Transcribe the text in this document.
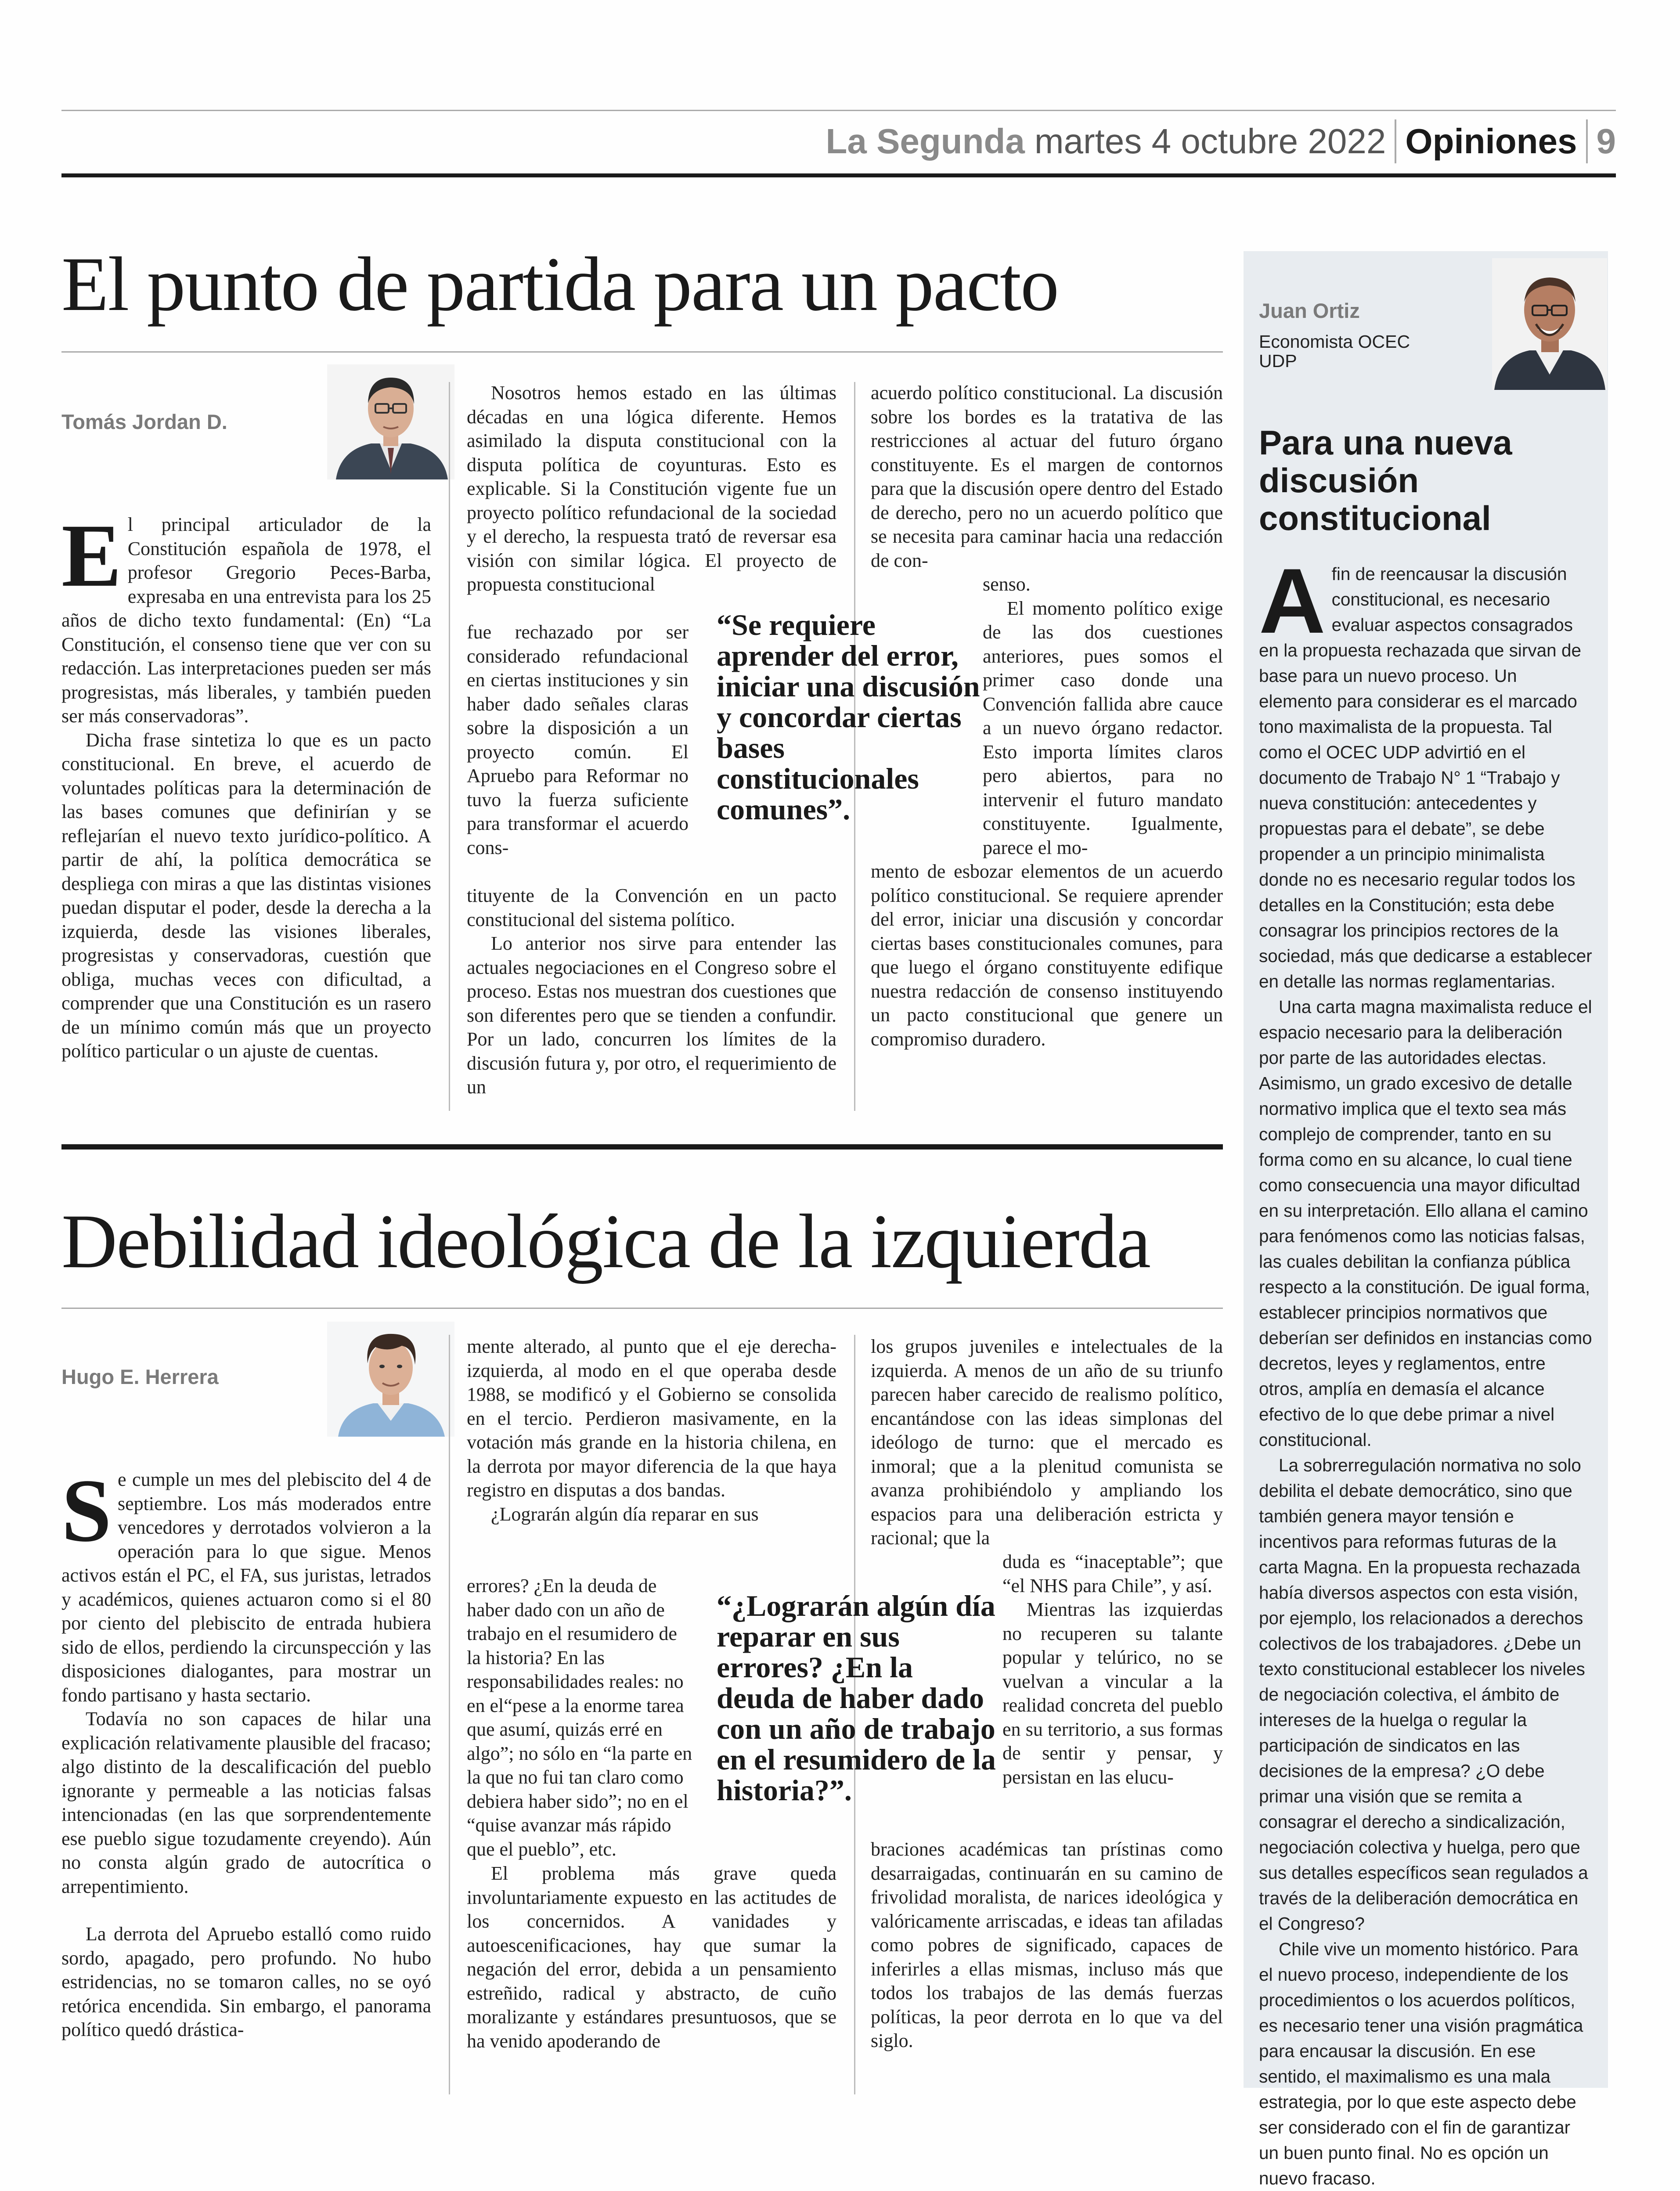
La Segunda martes 4 octubre 2022 Opiniones 9
El punto de partida para un pacto
Tomás Jordan D.

El principal articulador de la Constitución española de 1978, el profesor Gregorio Peces-Barba, expresaba en una entrevista para los 25 años de dicho texto fundamental: (En) “La Constitución, el consenso tiene que ver con su redacción. Las interpretaciones pueden ser más progresistas, más liberales, y también pueden ser más conservadoras”.

Dicha frase sintetiza lo que es un pacto constitucional. En breve, el acuerdo de voluntades políticas para la determinación de las bases comunes que definirían y se reflejarían el nuevo texto jurídico-político. A partir de ahí, la política democrática se despliega con miras a que las distintas visiones puedan disputar el poder, desde la derecha a la izquierda, desde las visiones liberales, progresistas y conservadoras, cuestión que obliga, muchas veces con dificultad, a comprender que una Constitución es un rasero de un mínimo común más que un proyecto político particular o un ajuste de cuentas.

Nosotros hemos estado en las últimas décadas en una lógica diferente. Hemos asimilado la disputa constitucional con la disputa política de coyunturas. Esto es explicable. Si la Constitución vigente fue un proyecto político refundacional de la sociedad y el derecho, la respuesta trató de reversar esa visión con similar lógica. El proyecto de propuesta constitucional

fue rechazado por ser considerado refundacional en ciertas instituciones y sin haber dado señales claras sobre la disposición a un proyecto común. El Apruebo para Reformar no tuvo la fuerza suficiente para transformar el acuerdo cons-

tituyente de la Convención en un pacto constitucional del sistema político.

Lo anterior nos sirve para entender las actuales negociaciones en el Congreso sobre el proceso. Estas nos muestran dos cuestiones que son diferentes pero que se tienden a confundir. Por un lado, concurren los límites de la discusión futura y, por otro, el requerimiento de un

acuerdo político constitucional. La discusión sobre los bordes es la tratativa de las restricciones al actuar del futuro órgano constituyente. Es el margen de contornos para que la discusión opere dentro del Estado de derecho, pero no un acuerdo político que se necesita para caminar hacia una redacción de con-

senso.

El momento político exige de las dos cuestiones anteriores, pues somos el primer caso donde una Convención fallida abre cauce a un nuevo órgano redactor. Esto importa límites claros pero abiertos, para no intervenir el futuro mandato constituyente. Igualmente, parece el mo-

mento de esbozar elementos de un acuerdo político constitucional. Se requiere aprender del error, iniciar una discusión y concordar ciertas bases constitucionales comunes, para que luego el órgano constituyente edifique nuestra redacción de consenso instituyendo un pacto constitucional que genere un compromiso duradero.

“Se requiere aprender del error, iniciar una discusión y concordar ciertas bases constitucionales comunes”.
Debilidad ideológica de la izquierda
Hugo E. Herrera

Se cumple un mes del plebiscito del 4 de septiembre. Los más moderados entre vencedores y derrotados volvieron a la operación para lo que sigue. Menos activos están el PC, el FA, sus juristas, letrados y académicos, quienes actuaron como si el 80 por ciento del plebiscito de entrada hubiera sido de ellos, perdiendo la circunspección y las disposiciones dialogantes, para mostrar un fondo partisano y hasta sectario.

Todavía no son capaces de hilar una explicación relativamente plausible del fracaso; algo distinto de la descalificación del pueblo ignorante y permeable a las noticias falsas intencionadas (en las que sorprendentemente ese pueblo sigue tozudamente creyendo). Aún no consta algún grado de autocrítica o arrepentimiento.

La derrota del Apruebo estalló como ruido sordo, apagado, pero profundo. No hubo estridencias, no se tomaron calles, no se oyó retórica encendida. Sin embargo, el panorama político quedó drástica-

mente alterado, al punto que el eje derecha-izquierda, al modo en el que operaba desde 1988, se modificó y el Gobierno se consolida en el tercio. Perdieron masivamente, en la votación más grande en la historia chilena, en la derrota por mayor diferencia de la que haya registro en disputas a dos bandas.

¿Lograrán algún día reparar en sus

errores? ¿En la deuda de haber dado con un año de trabajo en el resumidero de la historia? En las responsabilidades reales: no en el“pese a la enorme tarea que asumí, quizás erré en algo”; no sólo en “la parte en la que no fui tan claro como debiera haber sido”; no en el “quise avanzar más rápido que el pueblo”, etc.

El problema más grave queda involuntariamente expuesto en las actitudes de los concernidos. A vanidades y autoescenificaciones, hay que sumar la negación del error, debida a un pensamiento estreñido, radical y abstracto, de cuño moralizante y estándares presuntuosos, que se ha venido apoderando de

los grupos juveniles e intelectuales de la izquierda. A menos de un año de su triunfo parecen haber carecido de realismo político, encantándose con las ideas simplonas del ideólogo de turno: que el mercado es inmoral; que a la plenitud comunista se avanza prohibiéndolo y ampliando los espacios para una deliberación estricta y racional; que la

duda es “inaceptable”; que “el NHS para Chile”, y así.

Mientras las izquierdas no recuperen su talante popular y telúrico, no se vuelvan a vincular a la realidad concreta del pueblo en su territorio, a sus formas de sentir y pensar, y persistan en las elucu-

braciones académicas tan prístinas como desarraigadas, continuarán en su camino de frivolidad moralista, de narices ideológica y valóricamente arriscadas, e ideas tan afiladas como pobres de significado, capaces de inferirles a ellas mismas, incluso más que todos los trabajos de las demás fuerzas políticas, la peor derrota en lo que va del siglo.

“¿Lograrán algún día reparar en sus errores? ¿En la deuda de haber dado con un año de trabajo en el resumidero de la historia?”.
Juan Ortiz
Economista OCEC UDP
Para una nueva discusión constitucional

Afin de reencausar la discusión constitucional, es necesario evaluar aspectos consagrados en la propuesta rechazada que sirvan de base para un nuevo proceso. Un elemento para considerar es el marcado tono maximalista de la propuesta. Tal como el OCEC UDP advirtió en el documento de Trabajo N° 1 “Trabajo y nueva constitución: antecedentes y propuestas para el debate”, se debe propender a un principio minimalista donde no es necesario regular todos los detalles en la Constitución; esta debe consagrar los principios rectores de la sociedad, más que dedicarse a establecer en detalle las normas reglamentarias.

Una carta magna maximalista reduce el espacio necesario para la deliberación por parte de las autoridades electas. Asimismo, un grado excesivo de detalle normativo implica que el texto sea más complejo de comprender, tanto en su forma como en su alcance, lo cual tiene como consecuencia una mayor dificultad en su interpretación. Ello allana el camino para fenómenos como las noticias falsas, las cuales debilitan la confianza pública respecto a la constitución. De igual forma, establecer principios normativos que deberían ser definidos en instancias como decretos, leyes y reglamentos, entre otros, amplía en demasía el alcance efectivo de lo que debe primar a nivel constitucional.

La sobrerregulación normativa no solo debilita el debate democrático, sino que también genera mayor tensión e incentivos para reformas futuras de la carta Magna. En la propuesta rechazada había diversos aspectos con esta visión, por ejemplo, los relacionados a derechos colectivos de los trabajadores. ¿Debe un texto constitucional establecer los niveles de negociación colectiva, el ámbito de intereses de la huelga o regular la participación de sindicatos en las decisiones de la empresa? ¿O debe primar una visión que se remita a consagrar el derecho a sindicalización, negociación colectiva y huelga, pero que sus detalles específicos sean regulados a través de la deliberación democrática en el Congreso?

Chile vive un momento histórico. Para el nuevo proceso, independiente de los procedimientos o los acuerdos políticos, es necesario tener una visión pragmática para encausar la discusión. En ese sentido, el maximalismo es una mala estrategia, por lo que este aspecto debe ser considerado con el fin de garantizar un buen punto final. No es opción un nuevo fracaso.
